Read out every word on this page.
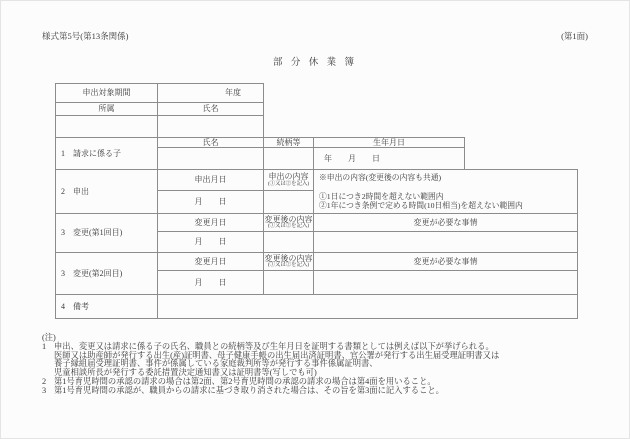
様式第5号(第13条関係)	(第1面)
部 分 休 業 簿
申出対象期間	年度
所属	氏名
1　請求に係る子
氏名	続柄等	生年月日
年　　月　　日
2　申出
申出月日	申出の内容
(①又は②を記入)
※申出の内容(変更後の内容も共通)
①1日につき2時間を超えない範囲内
②1年につき条例で定める時間(10日相当)を超えない範囲内
月　　日
3　変更(第1回目)
変更月日	変更後の内容
(①又は②を記入)	変更が必要な事情
月　　日
3　変更(第2回目)
変更月日	変更後の内容
(①又は②を記入)	変更が必要な事情
月　　日
4　備考
(注)
1 申出、変更又は請求に係る子の氏名、職員との続柄等及び生年月日を証明する書類としては例えば以下が挙げられる。
医師又は助産師が発行する出生(産)証明書、母子健康手帳の出生届出済証明書、官公署が発行する出生届受理証明書又は
養子縁組届受理証明書、事件が係属している家庭裁判所等が発行する事件係属証明書、
児童相談所長が発行する委託措置決定通知書又は証明書等(写しでも可)
2 第1号育児時間の承認の請求の場合は第2面、第2号育児時間の承認の請求の場合は第4面を用いること。
3 第1号育児時間の承認が、職員からの請求に基づき取り消された場合は、その旨を第3面に記入すること。
